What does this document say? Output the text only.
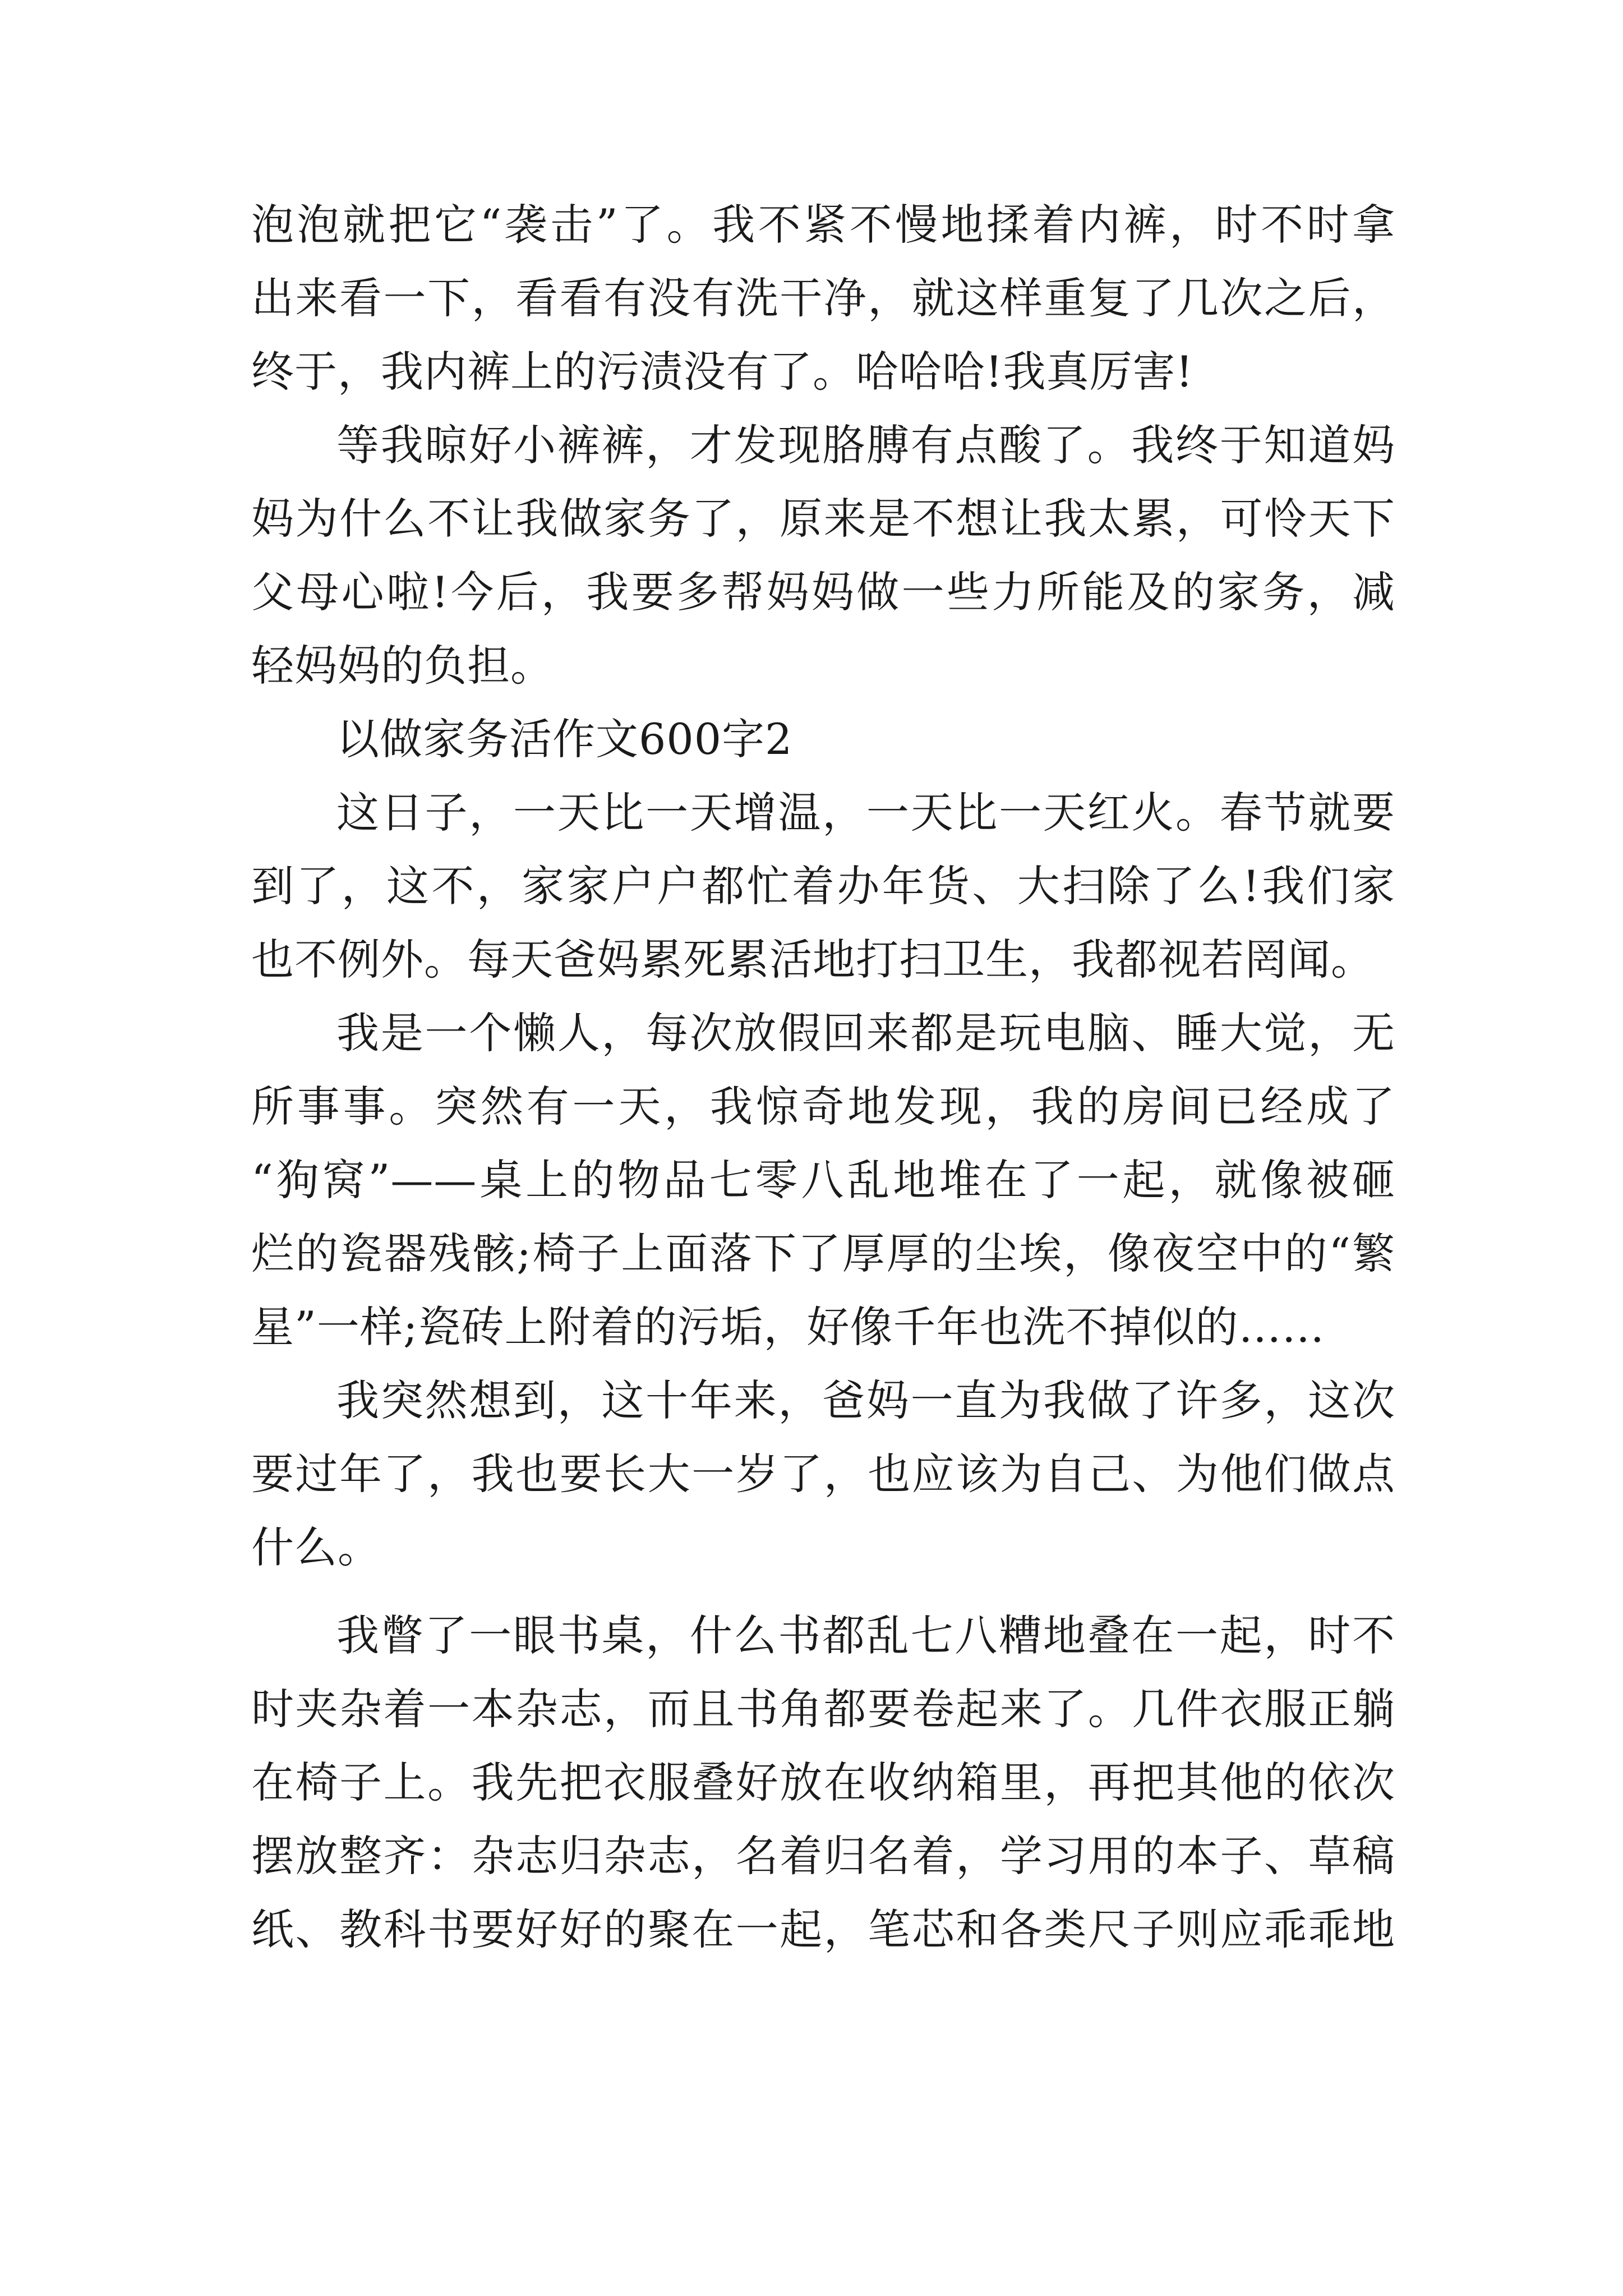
泡泡就把它“袭击”了。我不紧不慢地揉着内裤，时不时拿
出来看一下，看看有没有洗干净，就这样重复了几次之后，
终于，我内裤上的污渍没有了。哈哈哈!我真厉害!
等我晾好小裤裤，才发现胳膊有点酸了。我终于知道妈
妈为什么不让我做家务了，原来是不想让我太累，可怜天下
父母心啦!今后，我要多帮妈妈做一些力所能及的家务，减
轻妈妈的负担。
以做家务活作文600字2
这日子，一天比一天增温，一天比一天红火。春节就要
到了，这不，家家户户都忙着办年货、大扫除了么!我们家
也不例外。每天爸妈累死累活地打扫卫生，我都视若罔闻。
我是一个懒人，每次放假回来都是玩电脑、睡大觉，无
所事事。突然有一天，我惊奇地发现，我的房间已经成了
“狗窝”——桌上的物品七零八乱地堆在了一起，就像被砸
烂的瓷器残骸;椅子上面落下了厚厚的尘埃，像夜空中的“繁
星”一样;瓷砖上附着的污垢，好像千年也洗不掉似的……
我突然想到，这十年来，爸妈一直为我做了许多，这次
要过年了，我也要长大一岁了，也应该为自己、为他们做点
什么。
我瞥了一眼书桌，什么书都乱七八糟地叠在一起，时不
时夹杂着一本杂志，而且书角都要卷起来了。几件衣服正躺
在椅子上。我先把衣服叠好放在收纳箱里，再把其他的依次
摆放整齐：杂志归杂志，名着归名着，学习用的本子、草稿
纸、教科书要好好的聚在一起，笔芯和各类尺子则应乖乖地
